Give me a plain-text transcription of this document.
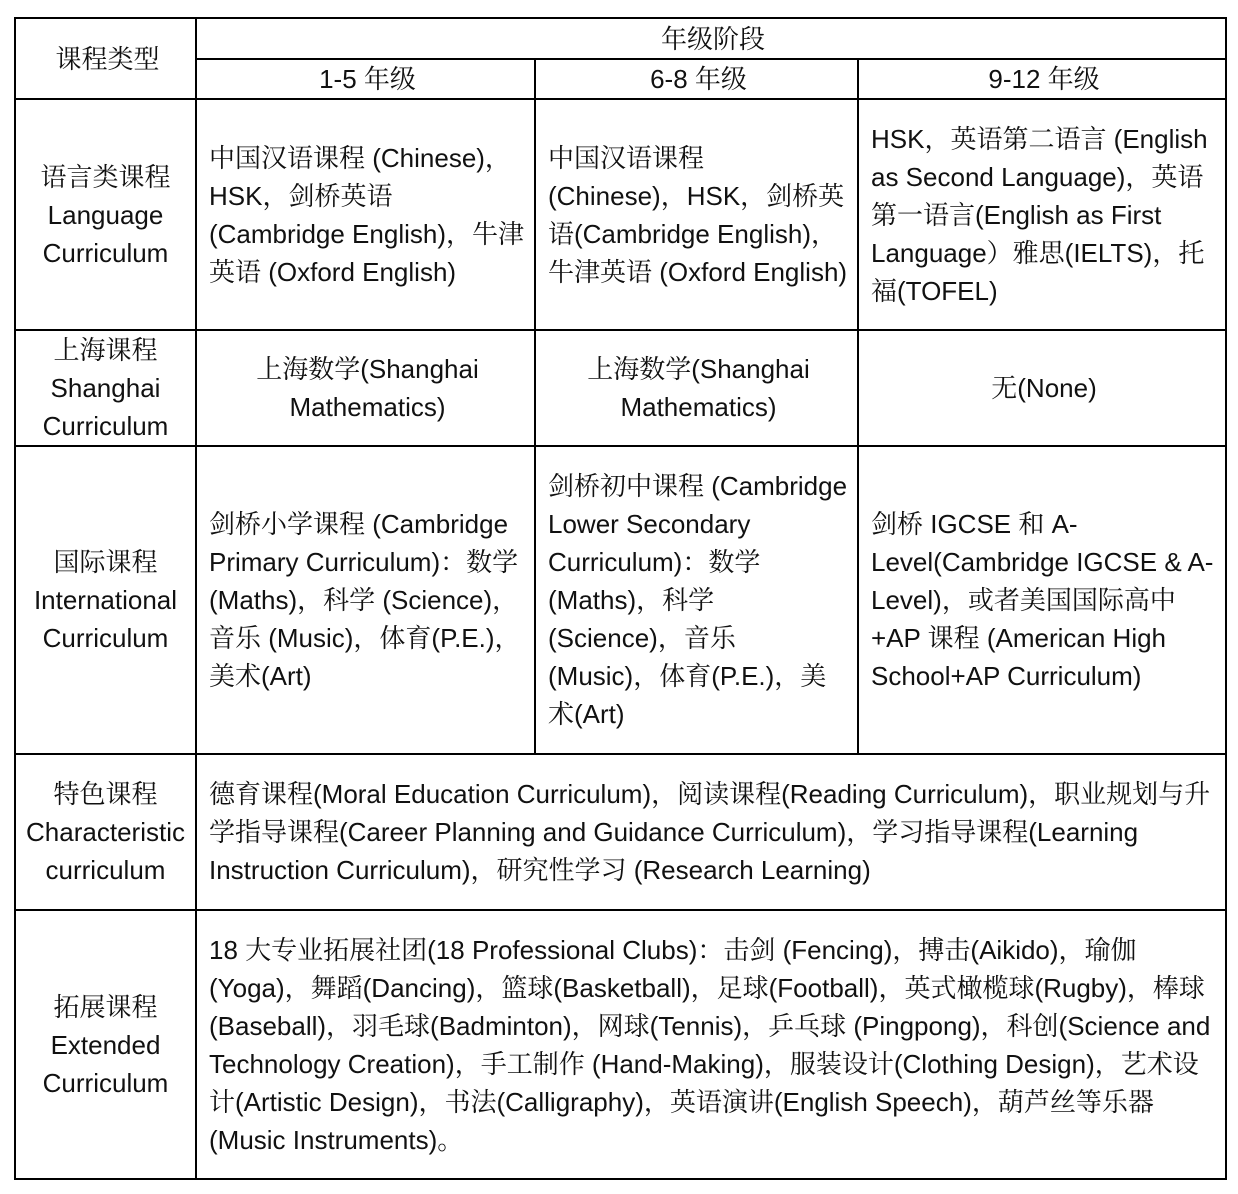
课程类型	年级阶段		
	1-5 年级	6-8 年级	9-12 年级

语言类课程
Language Curriculum	中国汉语课程 (Chinese)，HSK，剑桥英语(Cambridge English)，牛津英语 (Oxford English)	中国汉语课程 (Chinese)，HSK，剑桥英语(Cambridge English)，牛津英语 (Oxford English)	HSK，英语第二语言 (English as Second Language)，英语第一语言(English as First Language）雅思(IELTS)，托福(TOFEL)

上海课程
Shanghai Curriculum	上海数学(Shanghai Mathematics)	上海数学(Shanghai Mathematics)	无(None)

国际课程
International Curriculum	剑桥小学课程 (Cambridge Primary Curriculum)：数学 (Maths)，科学 (Science)，音乐 (Music)，体育(P.E.)，美术(Art)	剑桥初中课程 (Cambridge Lower Secondary Curriculum)：数学 (Maths)，科学 (Science)，音乐 (Music)，体育(P.E.)，美术(Art)	剑桥 IGCSE 和 A-Level(Cambridge IGCSE & A-Level)，或者美国国际高中+AP 课程 (American High School+AP Curriculum)

特色课程
Characteristic curriculum	德育课程(Moral Education Curriculum)，阅读课程(Reading Curriculum)，职业规划与升学指导课程(Career Planning and Guidance Curriculum)，学习指导课程(Learning Instruction Curriculum)，研究性学习 (Research Learning)		

拓展课程
Extended Curriculum	18 大专业拓展社团(18 Professional Clubs)：击剑 (Fencing)，搏击(Aikido)，瑜伽(Yoga)，舞蹈(Dancing)，篮球(Basketball)，足球(Football)，英式橄榄球(Rugby)，棒球(Baseball)，羽毛球(Badminton)，网球(Tennis)，乒乓球 (Pingpong)，科创(Science and Technology Creation)，手工制作 (Hand-Making)，服装设计(Clothing Design)，艺术设计(Artistic Design)，书法(Calligraphy)，英语演讲(English Speech)，葫芦丝等乐器(Music Instruments)。		
